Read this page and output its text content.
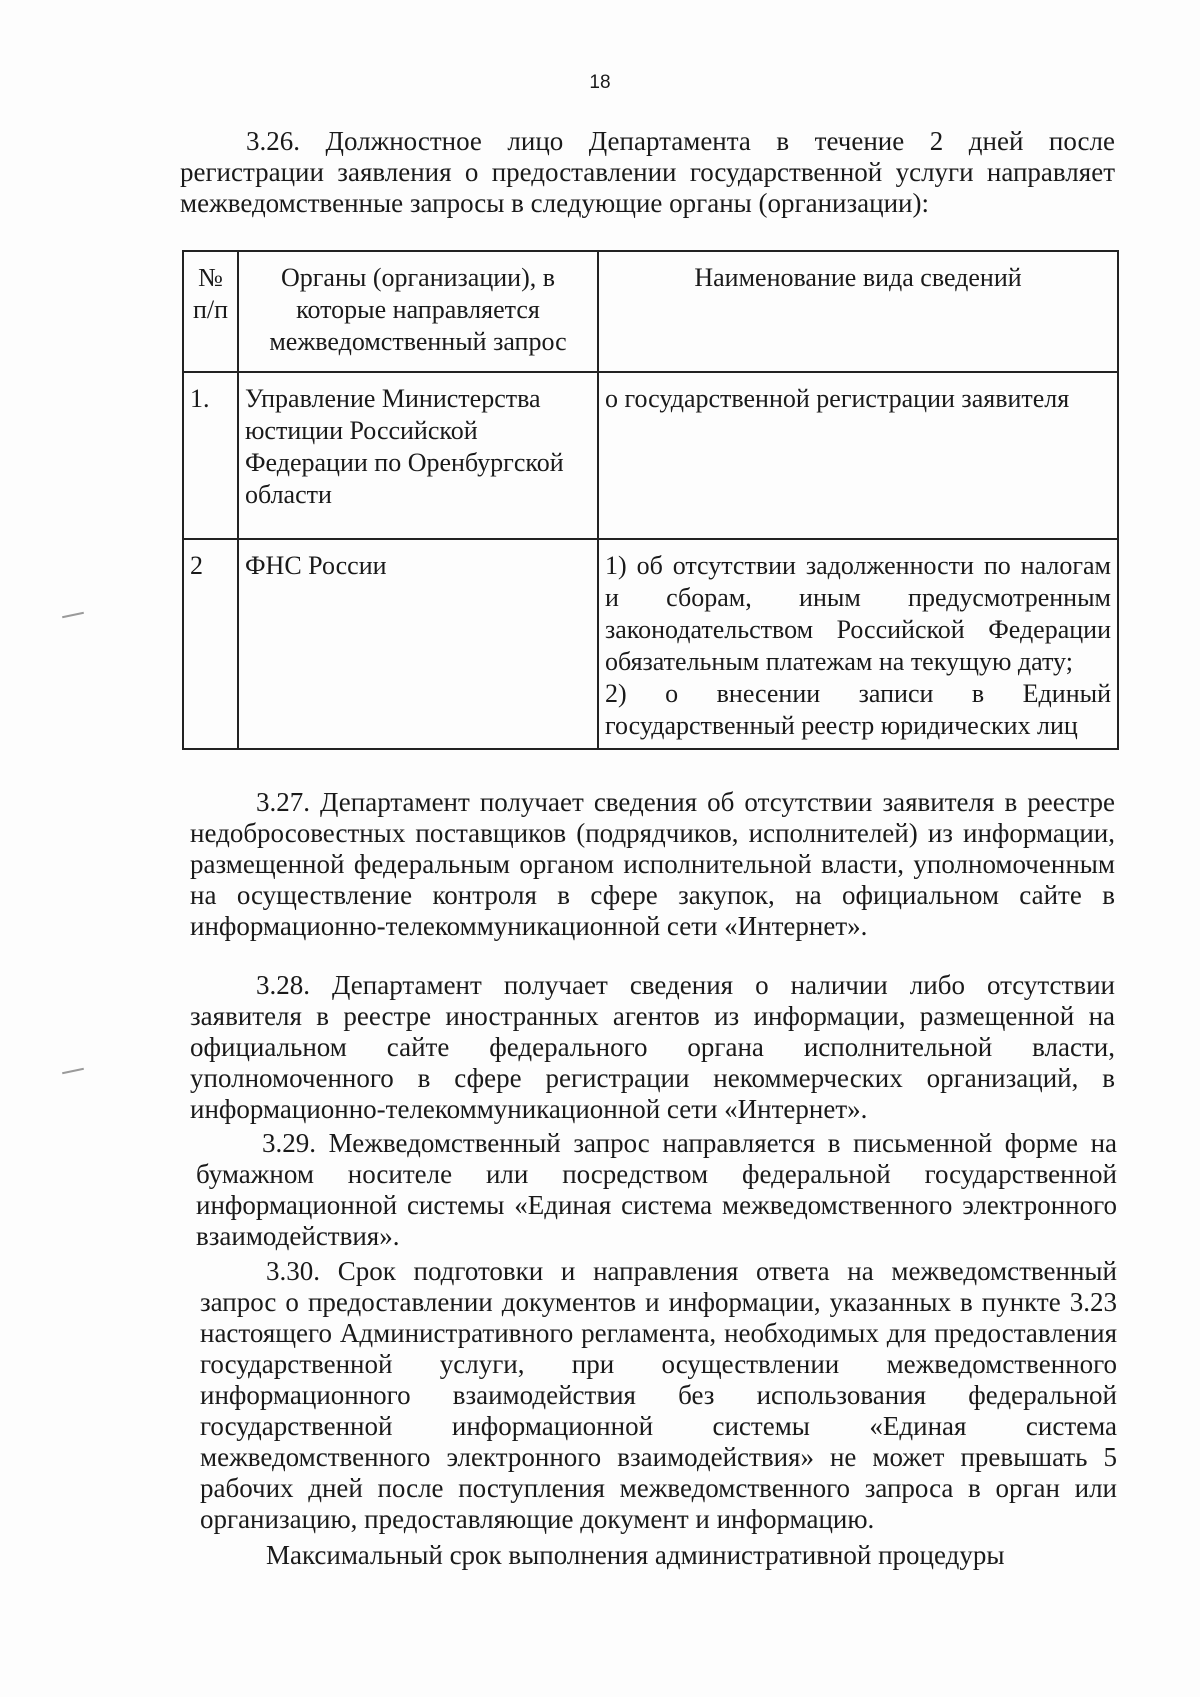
18
3.26. Должностное лицо Департамента в течение 2 дней после регистрации заявления о предоставлении государственной услуги направляет межведомственные запросы в следующие органы (организации):
№ п/п	Органы (организации), в которые направляется межведомственный запрос	Наименование вида сведений
1.	Управление Министерства юстиции Российской Федерации по Оренбургской области	о государственной регистрации заявителя
2	ФНС России	1) об отсутствии задолженности по налогам и сборам, иным предусмотренным законодательством Российской Федерации обязательным платежам на текущую дату;
2) о внесении записи в Единый государственный реестр юридических лиц
3.27. Департамент получает сведения об отсутствии заявителя в реестре недобросовестных поставщиков (подрядчиков, исполнителей) из информации, размещенной федеральным органом исполнительной власти, уполномоченным на осуществление контроля в сфере закупок, на официальном сайте в информационно-телекоммуникационной сети «Интернет».
3.28. Департамент получает сведения о наличии либо отсутствии заявителя в реестре иностранных агентов из информации, размещенной на официальном сайте федерального органа исполнительной власти, уполномоченного в сфере регистрации некоммерческих организаций, в информационно-телекоммуникационной сети «Интернет».
3.29. Межведомственный запрос направляется в письменной форме на бумажном носителе или посредством федеральной государственной информационной системы «Единая система межведомственного электронного взаимодействия».
3.30. Срок подготовки и направления ответа на межведомственный запрос о предоставлении документов и информации, указанных в пункте 3.23 настоящего Административного регламента, необходимых для предоставления государственной услуги, при осуществлении межведомственного информационного взаимодействия без использования федеральной государственной информационной системы «Единая система межведомственного электронного взаимодействия» не может превышать 5 рабочих дней после поступления межведомственного запроса в орган или организацию, предоставляющие документ и информацию.
Максимальный срок выполнения административной процедуры
